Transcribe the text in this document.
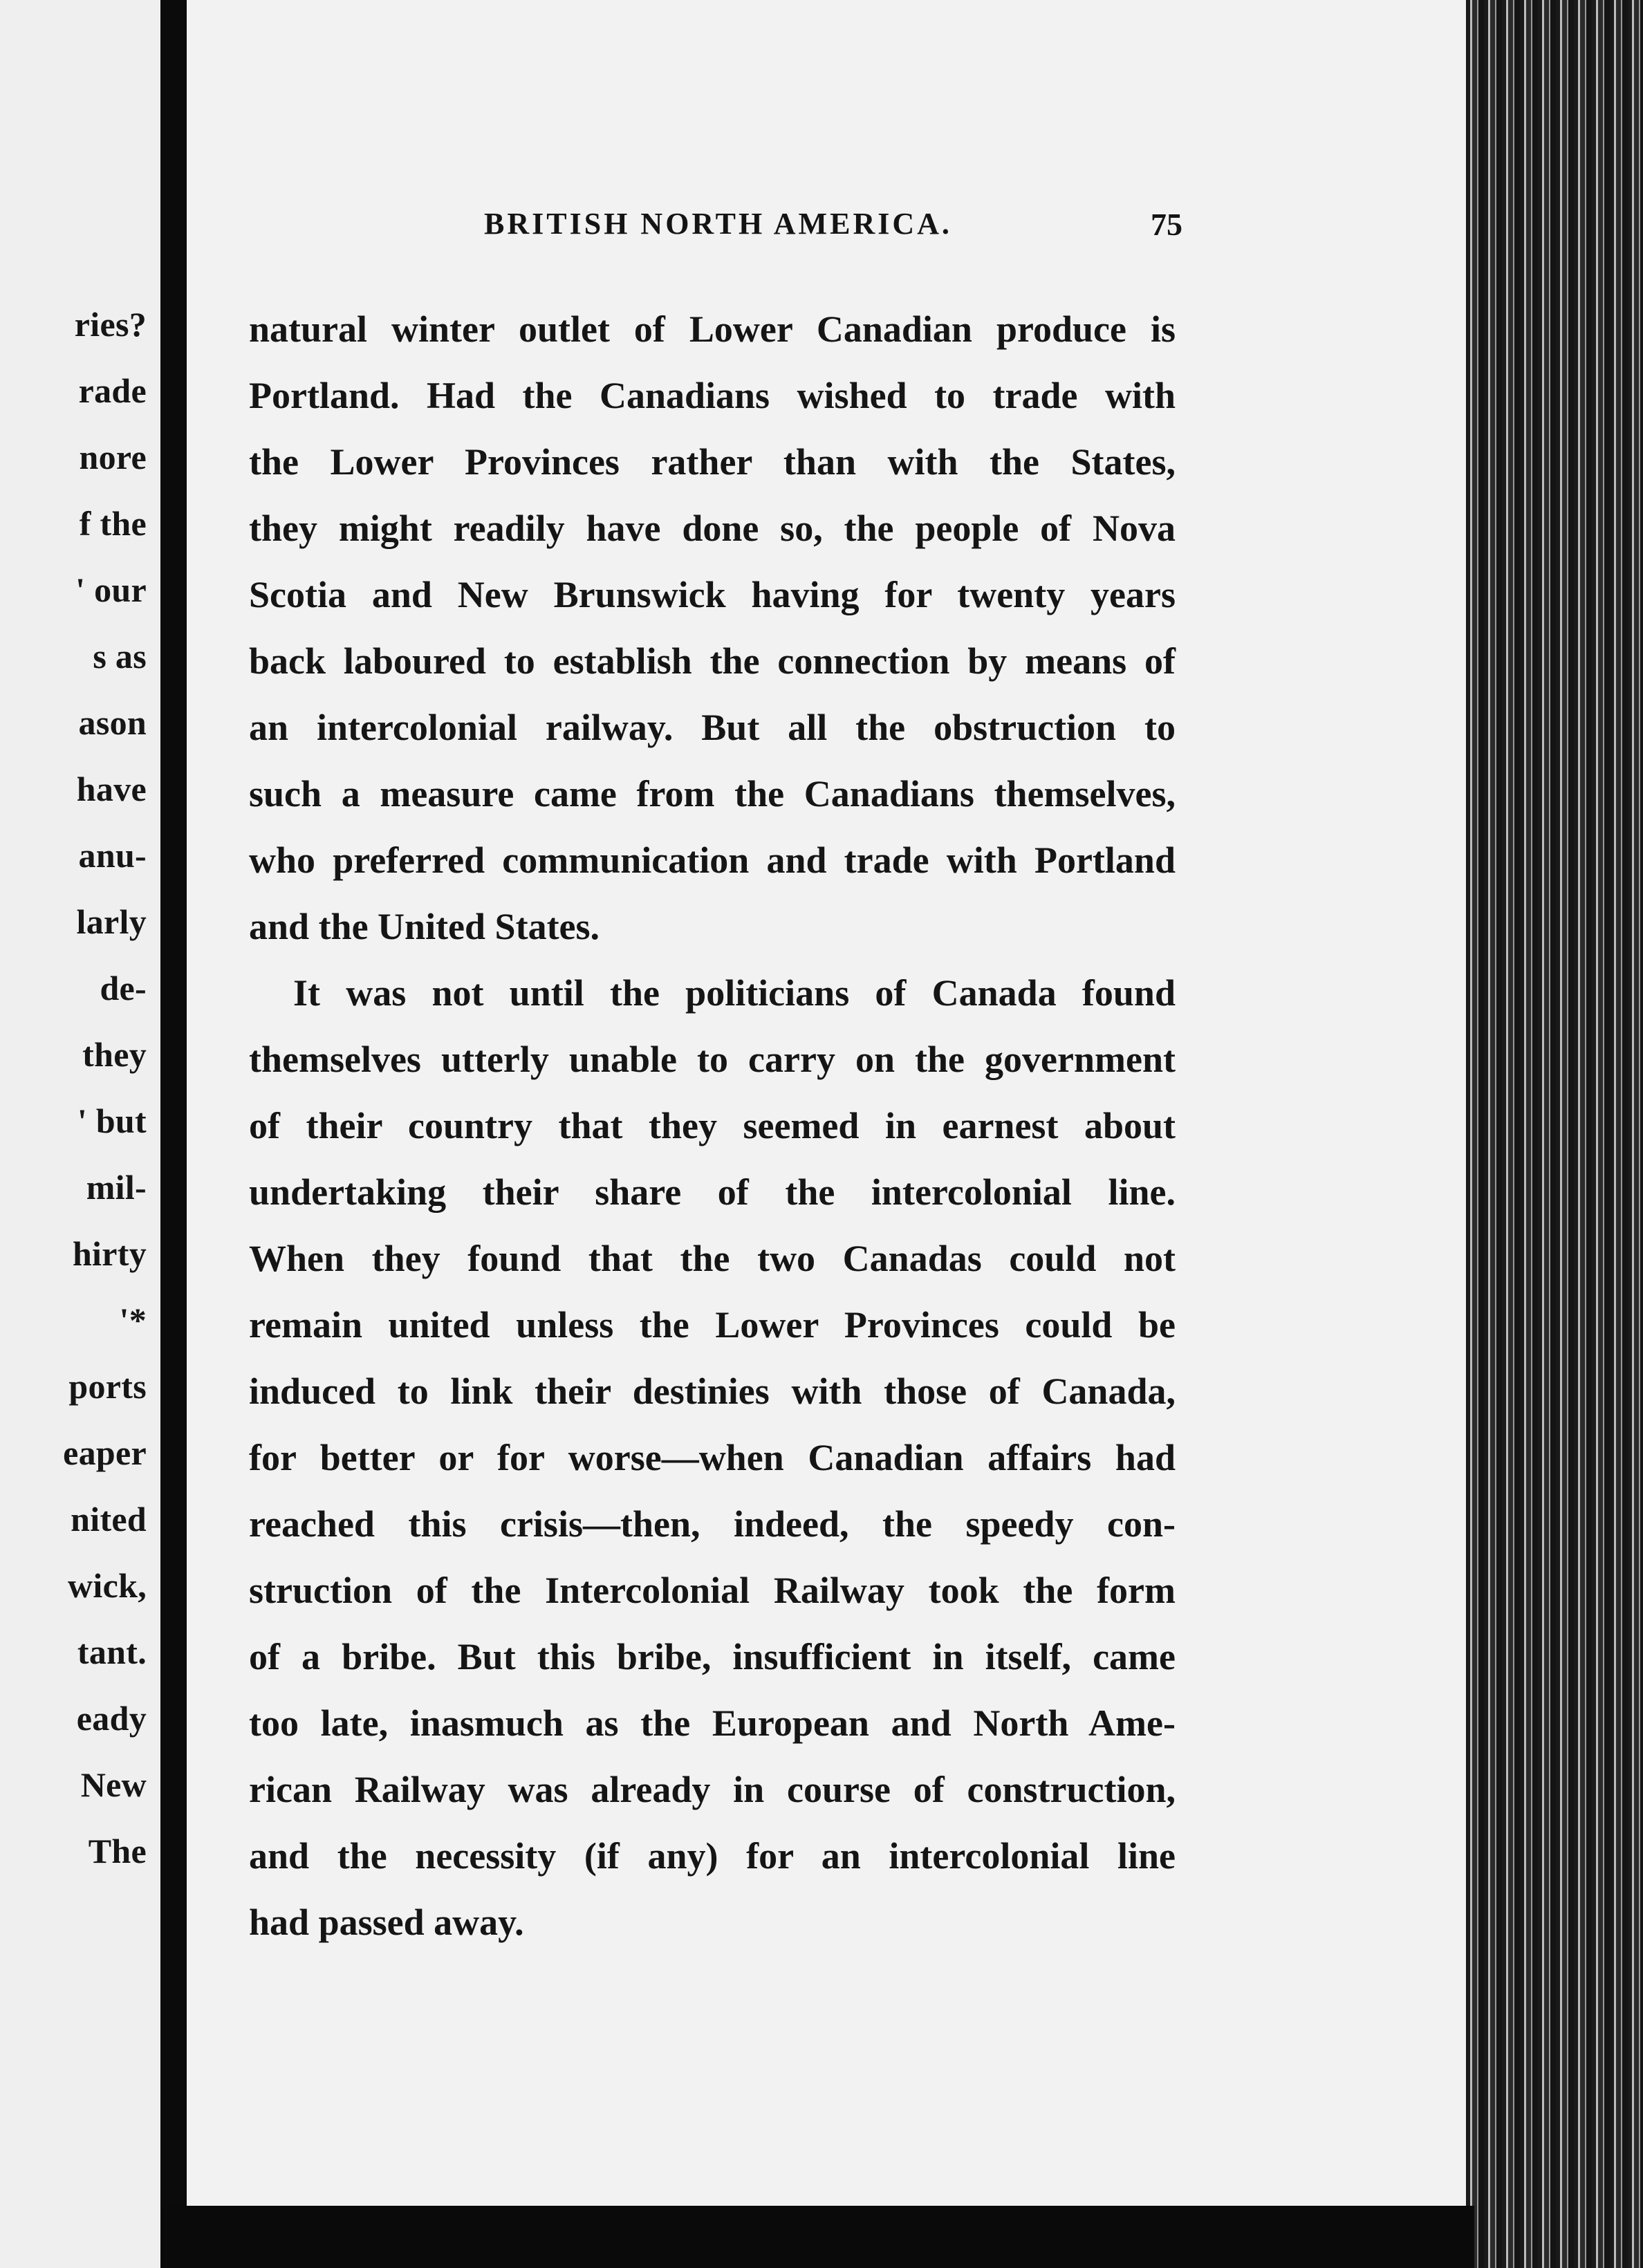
ries?
rade
nore
f the
' our
s as
ason
have
anu-
larly
de-
they
' but
mil-
hirty
'*
ports
eaper
nited
wick,
tant.
eady
New
The
BRITISH NORTH AMERICA.	75
natural winter outlet of Lower Canadian produce is
Portland. Had the Canadians wished to trade with
the Lower Provinces rather than with the States,
they might readily have done so, the people of Nova
Scotia and New Brunswick having for twenty years
back laboured to establish the connection by means of
an intercolonial railway. But all the obstruction to
such a measure came from the Canadians themselves,
who preferred communication and trade with Portland
and the United States.
It was not until the politicians of Canada found
themselves utterly unable to carry on the government
of their country that they seemed in earnest about
undertaking their share of the intercolonial line.
When they found that the two Canadas could not
remain united unless the Lower Provinces could be
induced to link their destinies with those of Canada,
for better or for worse—when Canadian affairs had
reached this crisis—then, indeed, the speedy con-
struction of the Intercolonial Railway took the form
of a bribe. But this bribe, insufficient in itself, came
too late, inasmuch as the European and North Ame-
rican Railway was already in course of construction,
and the necessity (if any) for an intercolonial line
had passed away.
